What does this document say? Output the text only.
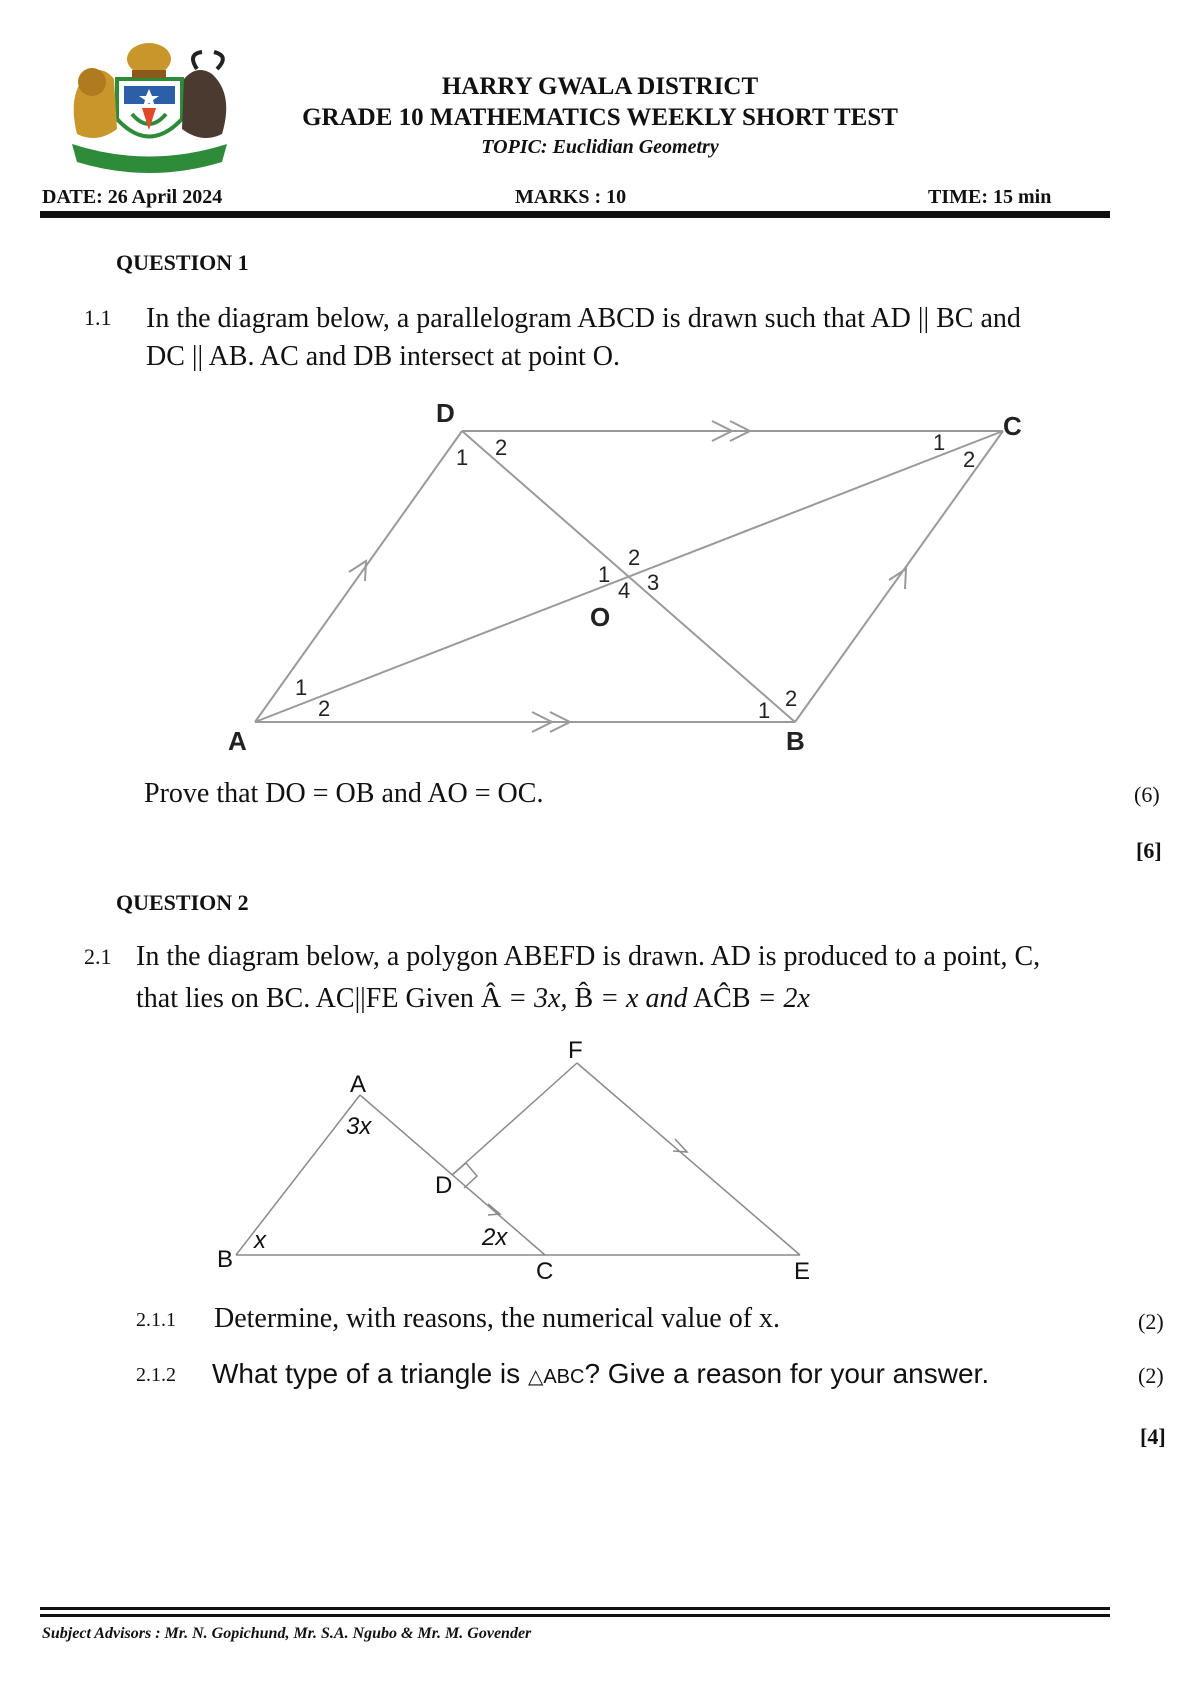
HARRY GWALA DISTRICT
GRADE 10 MATHEMATICS WEEKLY SHORT TEST
TOPIC: Euclidian Geometry
DATE: 26 April 2024	MARKS : 10	TIME: 15 min
QUESTION 1
1.1 In the diagram below, a parallelogram ABCD is drawn such that AD || BC and
DC || AB. AC and DB intersect at point O.
D	C
A	B
O
1 2	1
2
1
2
1
2
3
4
1 2
Prove that DO = OB and AO = OC.	(6)
[6]
QUESTION 2
2.1 In the diagram below, a polygon ABEFD is drawn. AD is produced to a point, C,
that lies on BC. AC||FE Given Â = 3x, B̂ = x and AĈB = 2x
A
F
D
B	C	E
3x
x	2x
2.1.1 Determine, with reasons, the numerical value of x.	(2)
2.1.2 What type of a triangle is △ABC? Give a reason for your answer.	(2)
[4]
Subject Advisors : Mr. N. Gopichund, Mr. S.A. Ngubo & Mr. M. Govender
